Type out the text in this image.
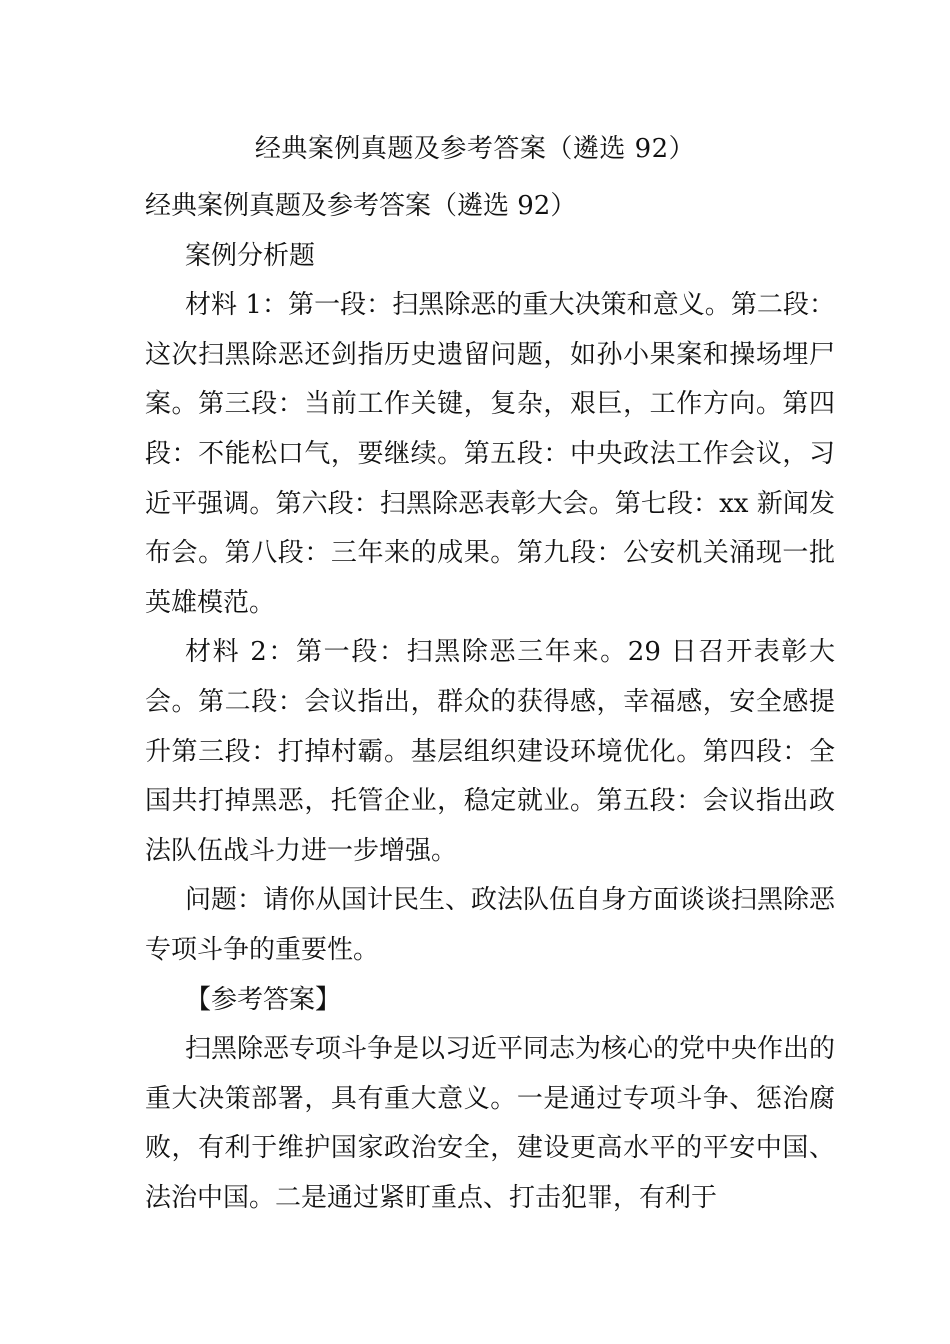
经典案例真题及参考答案（遴选 92）

经典案例真题及参考答案（遴选 92）

案例分析题

材料 1：第一段：扫黑除恶的重大决策和意义。第二段：这次扫黑除恶还剑指历史遗留问题，如孙小果案和操场埋尸案。第三段：当前工作关键，复杂，艰巨，工作方向。第四段：不能松口气，要继续。第五段：中央政法工作会议，习近平强调。第六段：扫黑除恶表彰大会。第七段：xx 新闻发布会。第八段：三年来的成果。第九段：公安机关涌现一批英雄模范。

材料 2：第一段：扫黑除恶三年来。29 日召开表彰大会。第二段：会议指出，群众的获得感，幸福感，安全感提升第三段：打掉村霸。基层组织建设环境优化。第四段：全国共打掉黑恶，托管企业，稳定就业。第五段：会议指出政法队伍战斗力进一步增强。

问题：请你从国计民生、政法队伍自身方面谈谈扫黑除恶专项斗争的重要性。

【参考答案】

扫黑除恶专项斗争是以习近平同志为核心的党中央作出的重大决策部署，具有重大意义。一是通过专项斗争、惩治腐败，有利于维护国家政治安全，建设更高水平的平安中国、法治中国。二是通过紧盯重点、打击犯罪，有利于
